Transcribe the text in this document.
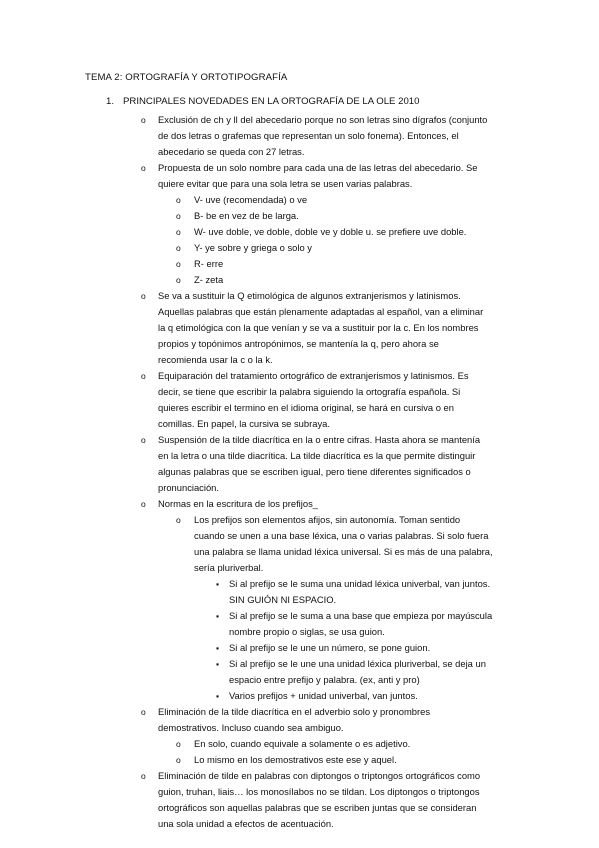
TEMA 2: ORTOGRAFÍA Y ORTOTIPOGRAFÍA
1. PRINCIPALES NOVEDADES EN LA ORTOGRAFÍA DE LA OLE 2010
o Exclusión de ch y ll del abecedario porque no son letras sino dígrafos (conjunto
de dos letras o grafemas que representan un solo fonema). Entonces, el
abecedario se queda con 27 letras.
o Propuesta de un solo nombre para cada una de las letras del abecedario. Se
quiere evitar que para una sola letra se usen varias palabras.
o V- uve (recomendada) o ve
o B- be en vez de be larga.
o W- uve doble, ve doble, doble ve y doble u. se prefiere uve doble.
o Y- ye sobre y griega o solo y
o R- erre
o Z- zeta
o Se va a sustituir la Q etimológica de algunos extranjerismos y latinismos.
Aquellas palabras que están plenamente adaptadas al español, van a eliminar
la q etimológica con la que venían y se va a sustituir por la c. En los nombres
propios y topónimos antropónimos, se mantenía la q, pero ahora se
recomienda usar la c o la k.
o Equiparación del tratamiento ortográfico de extranjerismos y latinismos. Es
decir, se tiene que escribir la palabra siguiendo la ortografía española. Si
quieres escribir el termino en el idioma original, se hará en cursiva o en
comillas. En papel, la cursiva se subraya.
o Suspensión de la tilde diacrítica en la o entre cifras. Hasta ahora se mantenía
en la letra o una tilde diacrítica. La tilde diacrítica es la que permite distinguir
algunas palabras que se escriben igual, pero tiene diferentes significados o
pronunciación.
o Normas en la escritura de los prefijos_
o Los prefijos son elementos afijos, sin autonomía. Toman sentido
cuando se unen a una base léxica, una o varias palabras. Si solo fuera
una palabra se llama unidad léxica universal. Si es más de una palabra,
sería pluriverbal.
▪ Si al prefijo se le suma una unidad léxica univerbal, van juntos.
SIN GUIÓN NI ESPACIO.
▪ Si al prefijo se le suma a una base que empieza por mayúscula
nombre propio o siglas, se usa guion.
▪ Si al prefijo se le une un número, se pone guion.
▪ Si al prefijo se le une una unidad léxica pluriverbal, se deja un
espacio entre prefijo y palabra. (ex, anti y pro)
▪ Varios prefijos + unidad univerbal, van juntos.
o Eliminación de la tilde diacrítica en el adverbio solo y pronombres
demostrativos. Incluso cuando sea ambiguo.
o En solo, cuando equivale a solamente o es adjetivo.
o Lo mismo en los demostrativos este ese y aquel.
o Eliminación de tilde en palabras con diptongos o triptongos ortográficos como
guion, truhan, liais… los monosílabos no se tildan. Los diptongos o triptongos
ortográficos son aquellas palabras que se escriben juntas que se consideran
una sola unidad a efectos de acentuación.
